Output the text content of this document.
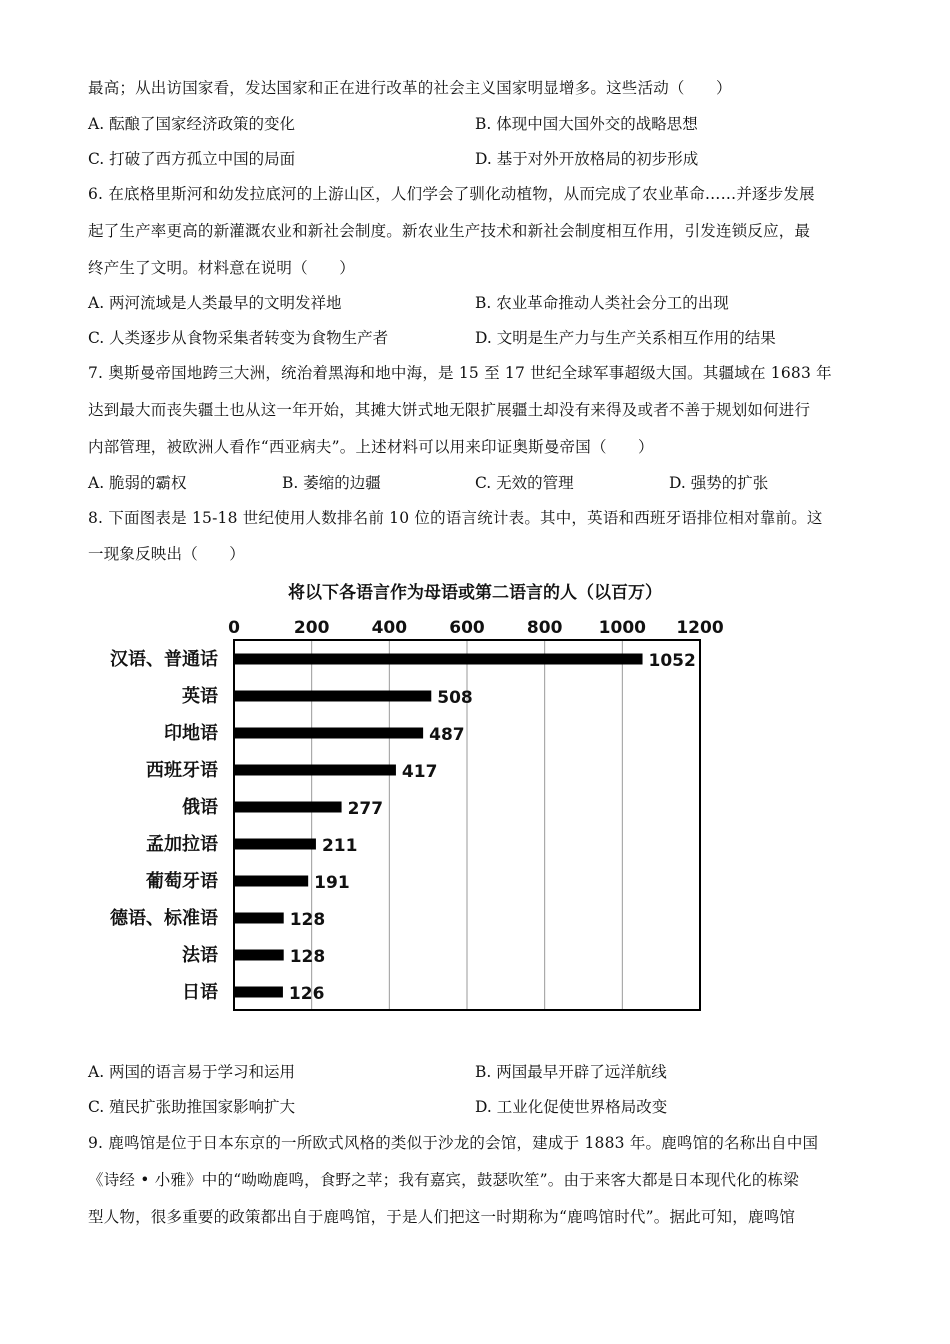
最高；从出访国家看，发达国家和正在进行改革的社会主义国家明显增多。这些活动（　　）
A. 酝酿了国家经济政策的变化	B. 体现中国大国外交的战略思想
C. 打破了西方孤立中国的局面	D. 基于对外开放格局的初步形成
6. 在底格里斯河和幼发拉底河的上游山区，人们学会了驯化动植物，从而完成了农业革命……并逐步发展
起了生产率更高的新灌溉农业和新社会制度。新农业生产技术和新社会制度相互作用，引发连锁反应，最
终产生了文明。材料意在说明（　　）
A. 两河流域是人类最早的文明发祥地	B. 农业革命推动人类社会分工的出现
C. 人类逐步从食物采集者转变为食物生产者	D. 文明是生产力与生产关系相互作用的结果
7. 奥斯曼帝国地跨三大洲，统治着黑海和地中海，是 15 至 17 世纪全球军事超级大国。其疆域在 1683 年
达到最大而丧失疆土也从这一年开始，其摊大饼式地无限扩展疆土却没有来得及或者不善于规划如何进行
内部管理，被欧洲人看作“西亚病夫”。上述材料可以用来印证奥斯曼帝国（　　）
A. 脆弱的霸权	B. 萎缩的边疆	C. 无效的管理	D. 强势的扩张
8. 下面图表是 15-18 世纪使用人数排名前 10 位的语言统计表。其中，英语和西班牙语排位相对靠前。这
一现象反映出（　　）
将以下各语言作为母语或第二语言的人（以百万）
0	200 400 600 800 1000 1200
汉语、普通话	1052
英语	508
印地语	487
西班牙语	417
俄语	277
孟加拉语	211
葡萄牙语	191
德语、标准语	128
法语	128
日语	126
A. 两国的语言易于学习和运用	B. 两国最早开辟了远洋航线
C. 殖民扩张助推国家影响扩大	D. 工业化促使世界格局改变
9. 鹿鸣馆是位于日本东京的一所欧式风格的类似于沙龙的会馆，建成于 1883 年。鹿鸣馆的名称出自中国
《诗经 • 小雅》中的“呦呦鹿鸣，食野之苹；我有嘉宾，鼓瑟吹笙”。由于来客大都是日本现代化的栋梁
型人物，很多重要的政策都出自于鹿鸣馆，于是人们把这一时期称为“鹿鸣馆时代”。据此可知，鹿鸣馆
